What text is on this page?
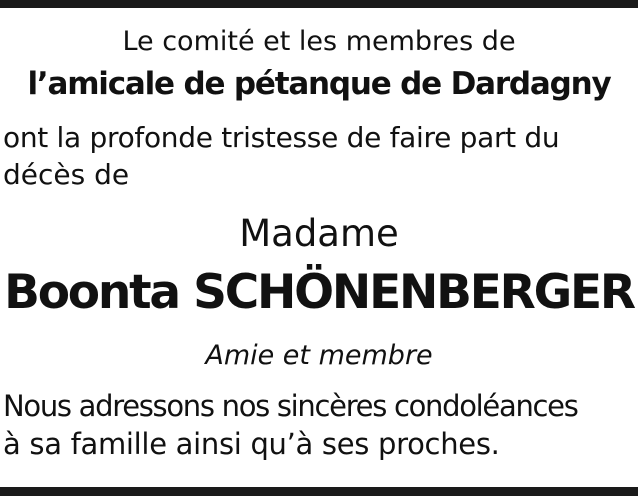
Le comité et les membres de

l’amicale de pétanque de Dardagny

ont la profonde tristesse de faire part du

décès de

Madame

Boonta SCHÖNENBERGER

Amie et membre

Nous adressons nos sincères condoléances

à sa famille ainsi qu’à ses proches.
